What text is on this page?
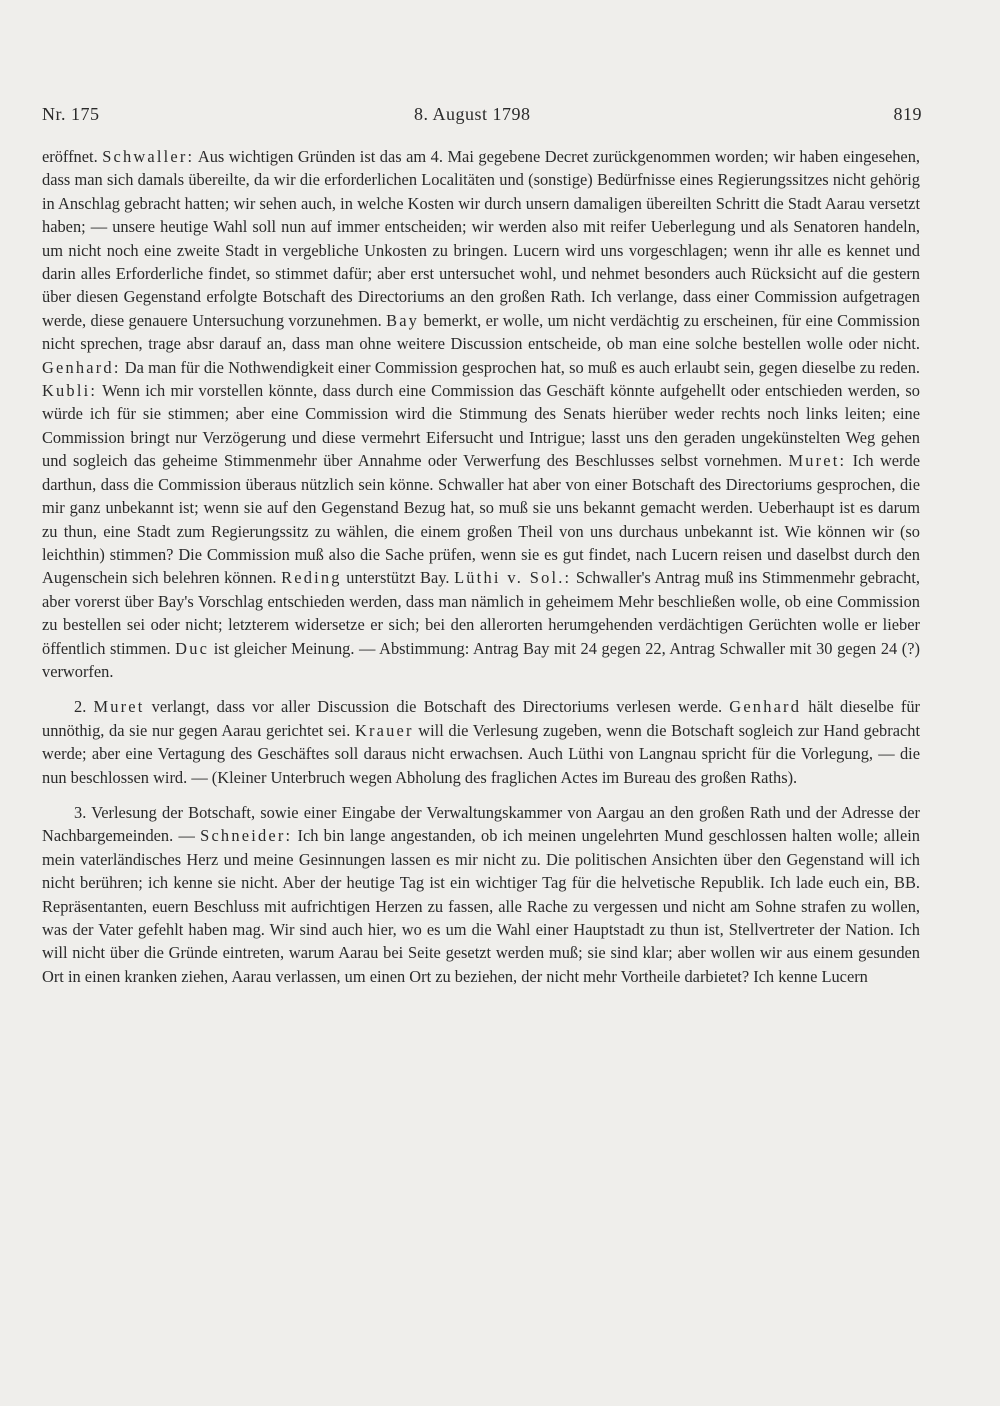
Nr. 175	8. August 1798	819

eröffnet. Schwaller: Aus wichtigen Gründen ist das am 4. Mai gegebene Decret zurückgenommen worden; wir haben eingesehen, dass man sich damals übereilte, da wir die erforderlichen Localitäten und (sonstige) Bedürfnisse eines Regierungssitzes nicht gehörig in Anschlag gebracht hatten; wir sehen auch, in welche Kosten wir durch unsern damaligen übereilten Schritt die Stadt Aarau versetzt haben; — unsere heutige Wahl soll nun auf immer entscheiden; wir werden also mit reifer Ueberlegung und als Senatoren handeln, um nicht noch eine zweite Stadt in vergebliche Unkosten zu bringen. Lucern wird uns vorgeschlagen; wenn ihr alle es kennet und darin alles Erforderliche findet, so stimmet dafür; aber erst untersuchet wohl, und nehmet besonders auch Rücksicht auf die gestern über diesen Gegenstand erfolgte Botschaft des Directoriums an den großen Rath. Ich verlange, dass einer Commission aufgetragen werde, diese genauere Untersuchung vorzunehmen. Bay bemerkt, er wolle, um nicht verdächtig zu erscheinen, für eine Commission nicht sprechen, trage absr darauf an, dass man ohne weitere Discussion entscheide, ob man eine solche bestellen wolle oder nicht. Genhard: Da man für die Nothwendigkeit einer Commission gesprochen hat, so muß es auch erlaubt sein, gegen dieselbe zu reden. Kubli: Wenn ich mir vorstellen könnte, dass durch eine Commission das Geschäft könnte aufgehellt oder entschieden werden, so würde ich für sie stimmen; aber eine Commission wird die Stimmung des Senats hierüber weder rechts noch links leiten; eine Commission bringt nur Verzögerung und diese vermehrt Eifersucht und Intrigue; lasst uns den geraden ungekünstelten Weg gehen und sogleich das geheime Stimmenmehr über Annahme oder Verwerfung des Beschlusses selbst vornehmen. Muret: Ich werde darthun, dass die Commission überaus nützlich sein könne. Schwaller hat aber von einer Botschaft des Directoriums gesprochen, die mir ganz unbekannt ist; wenn sie auf den Gegenstand Bezug hat, so muß sie uns bekannt gemacht werden. Ueberhaupt ist es darum zu thun, eine Stadt zum Regierungssitz zu wählen, die einem großen Theil von uns durchaus unbekannt ist. Wie können wir (so leichthin) stimmen? Die Commission muß also die Sache prüfen, wenn sie es gut findet, nach Lucern reisen und daselbst durch den Augenschein sich belehren können. Reding unterstützt Bay. Lüthi v. Sol.: Schwaller's Antrag muß ins Stimmenmehr gebracht, aber vorerst über Bay's Vorschlag entschieden werden, dass man nämlich in geheimem Mehr beschließen wolle, ob eine Commission zu bestellen sei oder nicht; letzterem widersetze er sich; bei den allerorten herumgehenden verdächtigen Gerüchten wolle er lieber öffentlich stimmen. Duc ist gleicher Meinung. — Abstimmung: Antrag Bay mit 24 gegen 22, Antrag Schwaller mit 30 gegen 24 (?) verworfen.

2. Muret verlangt, dass vor aller Discussion die Botschaft des Directoriums verlesen werde. Genhard hält dieselbe für unnöthig, da sie nur gegen Aarau gerichtet sei. Krauer will die Verlesung zugeben, wenn die Botschaft sogleich zur Hand gebracht werde; aber eine Vertagung des Geschäftes soll daraus nicht erwachsen. Auch Lüthi von Langnau spricht für die Vorlegung, — die nun beschlossen wird. — (Kleiner Unterbruch wegen Abholung des fraglichen Actes im Bureau des großen Raths).

3. Verlesung der Botschaft, sowie einer Eingabe der Verwaltungskammer von Aargau an den großen Rath und der Adresse der Nachbargemeinden. — Schneider: Ich bin lange angestanden, ob ich meinen ungelehrten Mund geschlossen halten wolle; allein mein vaterländisches Herz und meine Gesinnungen lassen es mir nicht zu. Die politischen Ansichten über den Gegenstand will ich nicht berühren; ich kenne sie nicht. Aber der heutige Tag ist ein wichtiger Tag für die helvetische Republik. Ich lade euch ein, BB. Repräsentanten, euern Beschluss mit aufrichtigen Herzen zu fassen, alle Rache zu vergessen und nicht am Sohne strafen zu wollen, was der Vater gefehlt haben mag. Wir sind auch hier, wo es um die Wahl einer Hauptstadt zu thun ist, Stellvertreter der Nation. Ich will nicht über die Gründe eintreten, warum Aarau bei Seite gesetzt werden muß; sie sind klar; aber wollen wir aus einem gesunden Ort in einen kranken ziehen, Aarau verlassen, um einen Ort zu beziehen, der nicht mehr Vortheile darbietet? Ich kenne Lucern
